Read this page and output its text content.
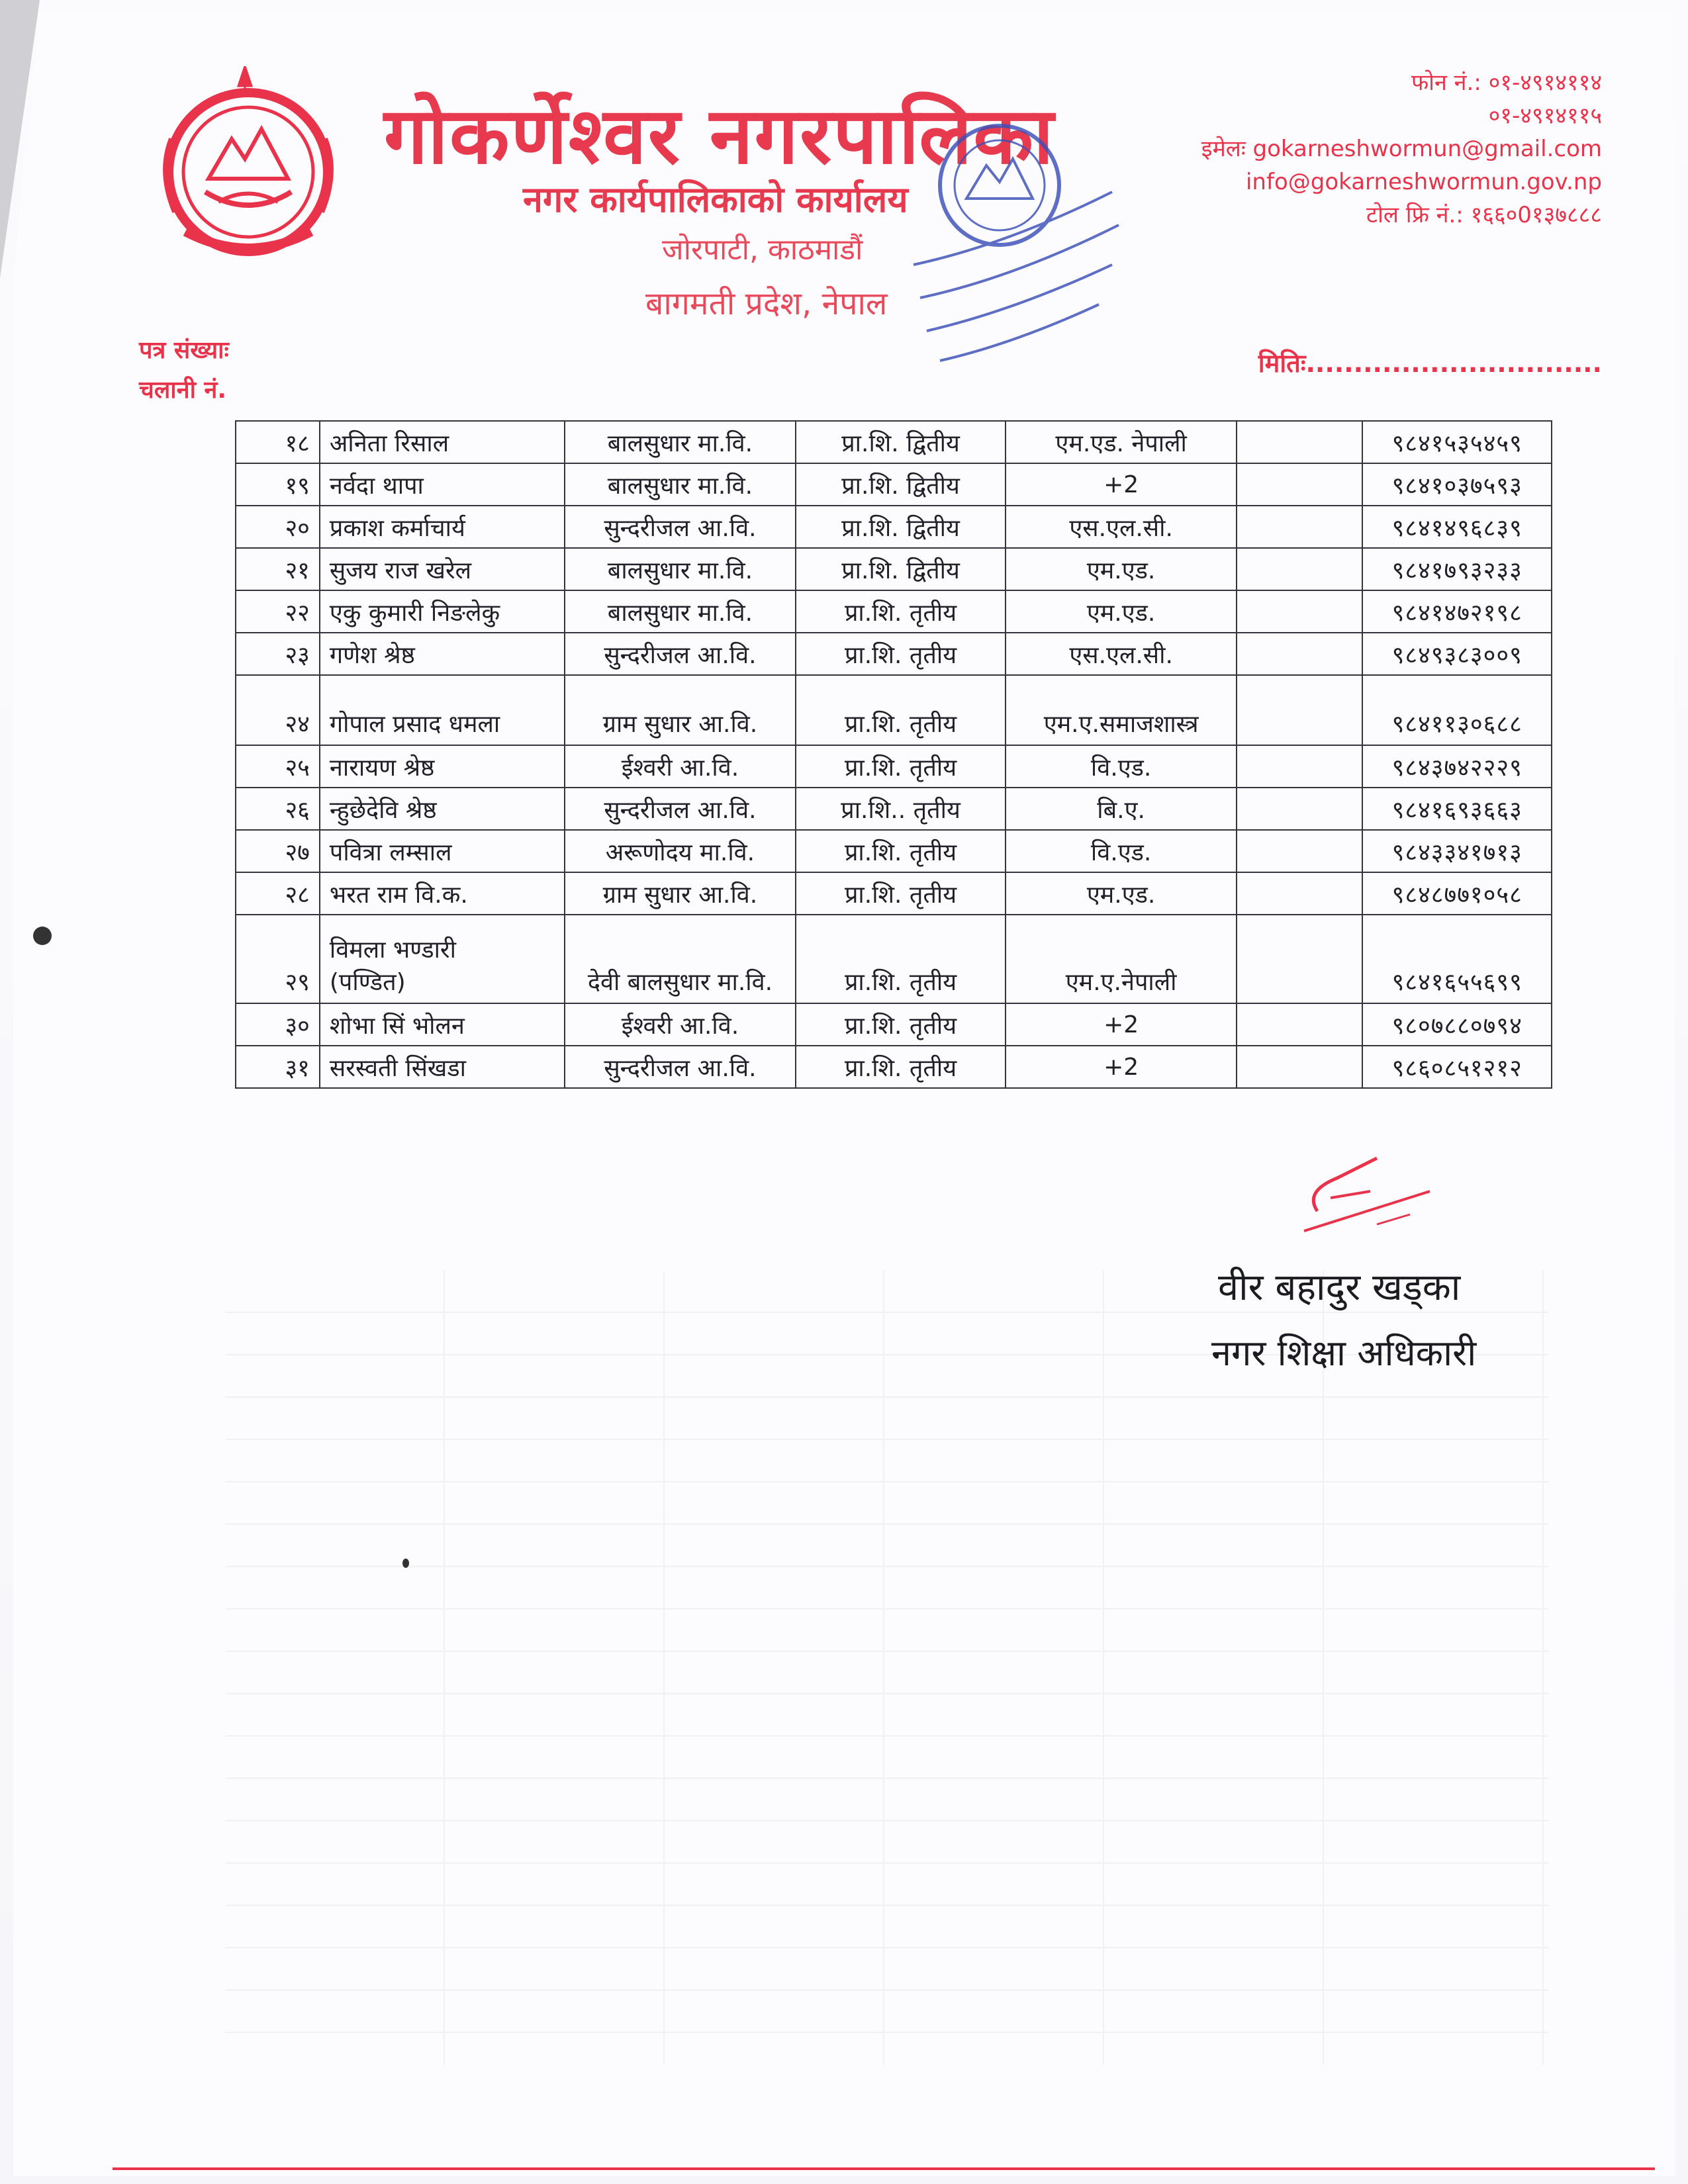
गोकर्णेश्वर नगरपालिका
नगर कार्यपालिकाको कार्यालय
जोरपाटी, काठमाडौं
बागमती प्रदेश, नेपाल
फोन नं.: ०१-४९१४११४
०१-४९१४११५
इमेलः gokarneshwormun@gmail.com
info@gokarneshwormun.gov.np
टोल फ्रि नं.: १६६०0१३७८८८
पत्र संख्याः
चलानी नं.
मितिः...............................
१८	अनिता रिसाल	बालसुधार मा.वि.	प्रा.शि. द्वितीय	एम.एड. नेपाली		९८४१५३५४५९
१९	नर्वदा थापा	बालसुधार मा.वि.	प्रा.शि. द्वितीय	+2		९८४१०३७५९३
२०	प्रकाश कर्माचार्य	सुन्दरीजल आ.वि.	प्रा.शि. द्वितीय	एस.एल.सी.		९८४१४९६८३९
२१	सुजय राज खरेल	बालसुधार मा.वि.	प्रा.शि. द्वितीय	एम.एड.		९८४१७९३२३३
२२	एकु कुमारी निङलेकु	बालसुधार मा.वि.	प्रा.शि. तृतीय	एम.एड.		९८४१४७२१९८
२३	गणेश श्रेष्ठ	सुन्दरीजल आ.वि.	प्रा.शि. तृतीय	एस.एल.सी.		९८४९३८३००९
२४	गोपाल प्रसाद धमला	ग्राम सुधार आ.वि.	प्रा.शि. तृतीय	एम.ए.समाजशास्त्र		९८४११३०६८८
२५	नारायण श्रेष्ठ	ईश्वरी आ.वि.	प्रा.शि. तृतीय	वि.एड.		९८४३७४२२२९
२६	न्हुछेदेवि श्रेष्ठ	सुन्दरीजल आ.वि.	प्रा.शि.. तृतीय	बि.ए.		९८४१६९३६६३
२७	पवित्रा लम्साल	अरूणोदय मा.वि.	प्रा.शि. तृतीय	वि.एड.		९८४३३४१७१३
२८	भरत राम वि.क.	ग्राम सुधार आ.वि.	प्रा.शि. तृतीय	एम.एड.		९८४८७७१०५८
२९	विमला भण्डारी
(पण्डित)	देवी बालसुधार मा.वि.	प्रा.शि. तृतीय	एम.ए.नेपाली		९८४१६५५६९९
३०	शोभा सिं भोलन	ईश्वरी आ.वि.	प्रा.शि. तृतीय	+2		९८०७८८०७९४
३१	सरस्वती सिंखडा	सुन्दरीजल आ.वि.	प्रा.शि. तृतीय	+2		९८६०८५१२१२
वीर बहादुर खड्का
नगर शिक्षा अधिकारी
